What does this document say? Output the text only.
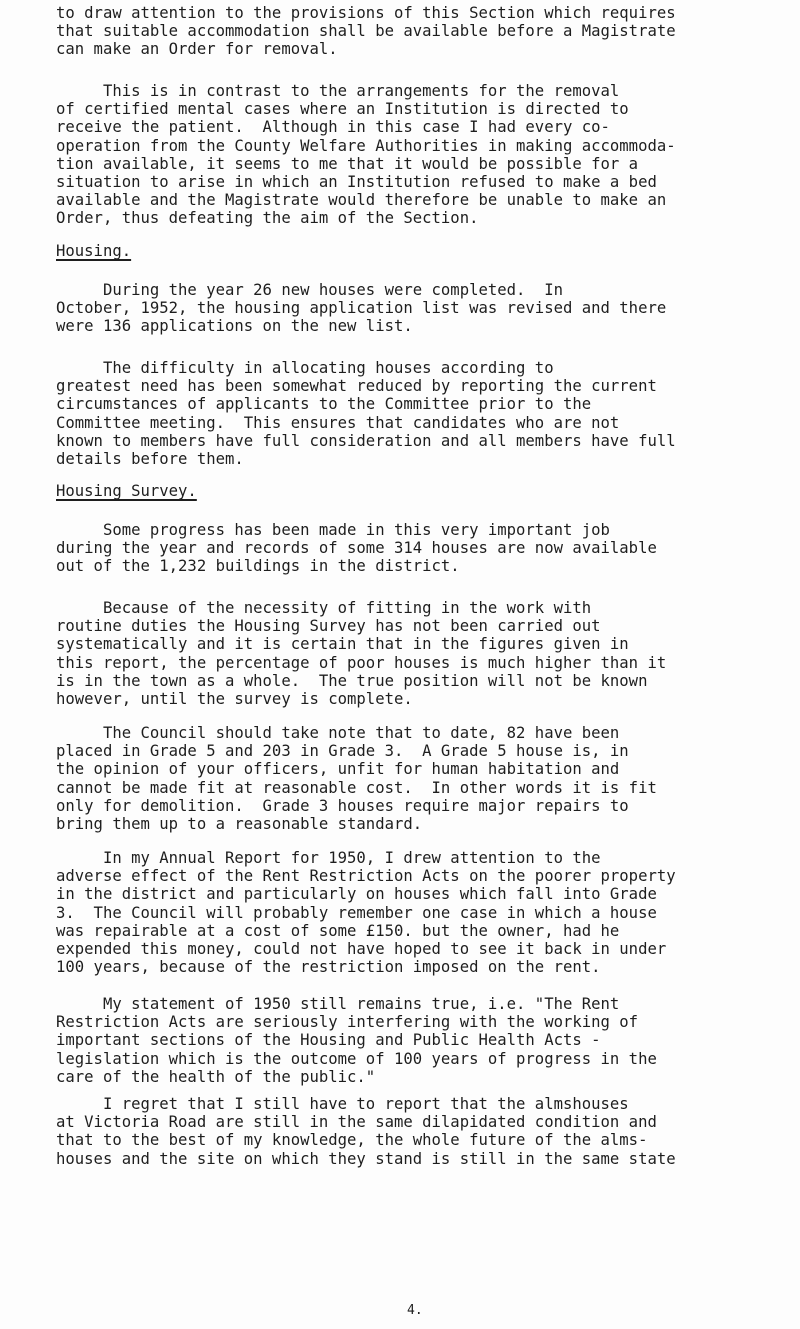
to draw attention to the provisions of this Section which requires
that suitable accommodation shall be available before a Magistrate
can make an Order for removal.
This is in contrast to the arrangements for the removal
of certified mental cases where an Institution is directed to
receive the patient.  Although in this case I had every co-
operation from the County Welfare Authorities in making accommoda-
tion available, it seems to me that it would be possible for a
situation to arise in which an Institution refused to make a bed
available and the Magistrate would therefore be unable to make an
Order, thus defeating the aim of the Section.
Housing.
During the year 26 new houses were completed.  In
October, 1952, the housing application list was revised and there
were 136 applications on the new list.
The difficulty in allocating houses according to
greatest need has been somewhat reduced by reporting the current
circumstances of applicants to the Committee prior to the
Committee meeting.  This ensures that candidates who are not
known to members have full consideration and all members have full
details before them.
Housing Survey.
Some progress has been made in this very important job
during the year and records of some 314 houses are now available
out of the 1,232 buildings in the district.
Because of the necessity of fitting in the work with
routine duties the Housing Survey has not been carried out
systematically and it is certain that in the figures given in
this report, the percentage of poor houses is much higher than it
is in the town as a whole.  The true position will not be known
however, until the survey is complete.
The Council should take note that to date, 82 have been
placed in Grade 5 and 203 in Grade 3.  A Grade 5 house is, in
the opinion of your officers, unfit for human habitation and
cannot be made fit at reasonable cost.  In other words it is fit
only for demolition.  Grade 3 houses require major repairs to
bring them up to a reasonable standard.
In my Annual Report for 1950, I drew attention to the
adverse effect of the Rent Restriction Acts on the poorer property
in the district and particularly on houses which fall into Grade
3.  The Council will probably remember one case in which a house
was repairable at a cost of some £150. but the owner, had he
expended this money, could not have hoped to see it back in under
100 years, because of the restriction imposed on the rent.
My statement of 1950 still remains true, i.e. "The Rent
Restriction Acts are seriously interfering with the working of
important sections of the Housing and Public Health Acts -
legislation which is the outcome of 100 years of progress in the
care of the health of the public."
I regret that I still have to report that the almshouses
at Victoria Road are still in the same dilapidated condition and
that to the best of my knowledge, the whole future of the alms-
houses and the site on which they stand is still in the same state

4.
